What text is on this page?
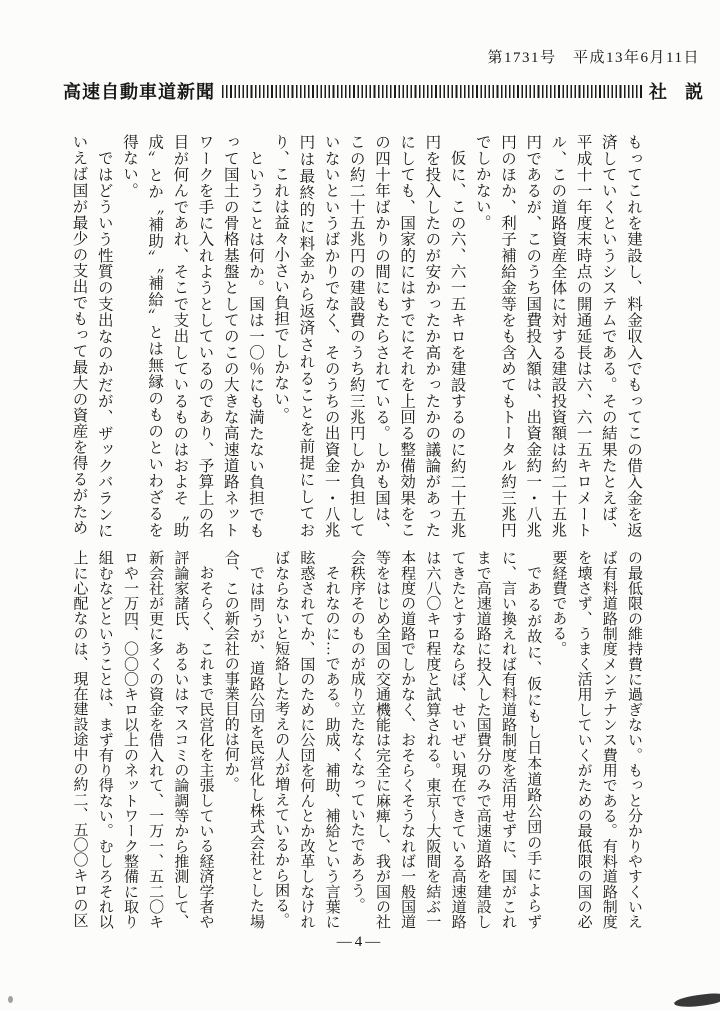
第1731号　平成13年6月11日
高速自動車道新聞	社　説

もってこれを建設し、料金収入でもってこの借入金を返済していくというシステムである。その結果たとえば、平成十一年度末時点の開通延長は六、六一五キロメートル、この道路資産全体に対する建設投資額は約二十五兆円であるが、このうち国費投入額は、出資金約一・八兆円のほか、利子補給金等をも含めてもトータル約三兆円でしかない。

仮に、この六、六一五キロを建設するのに約二十五兆円を投入したのが安かったか高かったかの議論があったにしても、国家的にはすでにそれを上回る整備効果をこの四十年ばかりの間にもたらされている。しかも国は、この約二十五兆円の建設費のうち約三兆円しか負担していないというばかりでなく、そのうちの出資金一・八兆円は最終的に料金から返済されることを前提にしており、これは益々小さい負担でしかない。

ということは何か。国は一〇％にも満たない負担でもって国土の骨格基盤としてのこの大きな高速道路ネットワークを手に入れようとしているのであり、予算上の名目が何んであれ、そこで支出しているものはおよそ〝助成〟とか〝補助〟〝補給〟とは無縁のものといわざるを得ない。

ではどういう性質の支出なのかだが、ザックバランにいえば国が最少の支出でもって最大の資産を得るがため

の最低限の維持費に過ぎない。もっと分かりやすくいえば有料道路制度メンテナンス費用である。有料道路制度を壊さず、うまく活用していくがための最低限の国の必要経費である。

であるが故に、仮にもし日本道路公団の手によらずに、言い換えれば有料道路制度を活用せずに、国がこれまで高速道路に投入した国費分のみで高速道路を建設してきたとするならば、せいぜい現在できている高速道路は六八〇キロ程度と試算される。東京〜大阪間を結ぶ一本程度の道路でしかなく、おそらくそうなれば一般国道等をはじめ全国の交通機能は完全に麻痺し、我が国の社会秩序そのものが成り立たなくなっていたであろう。

それなのに…である。助成、補助、補給という言葉に眩惑されてか、国のために公団を何んとか改革しなければならないと短絡した考えの人が増えているから困る。

では問うが、道路公団を民営化し株式会社とした場合、この新会社の事業目的は何か。

おそらく、これまで民営化を主張している経済学者や評論家諸氏、あるいはマスコミの論調等から推測して、新会社が更に多くの資金を借入れて、一万一、五二〇キロや一万四、〇〇〇キロ以上のネットワーク整備に取り組むなどということは、まず有り得ない。むしろそれ以上に心配なのは、現在建設途中の約二、五〇〇キロの区

―4―
